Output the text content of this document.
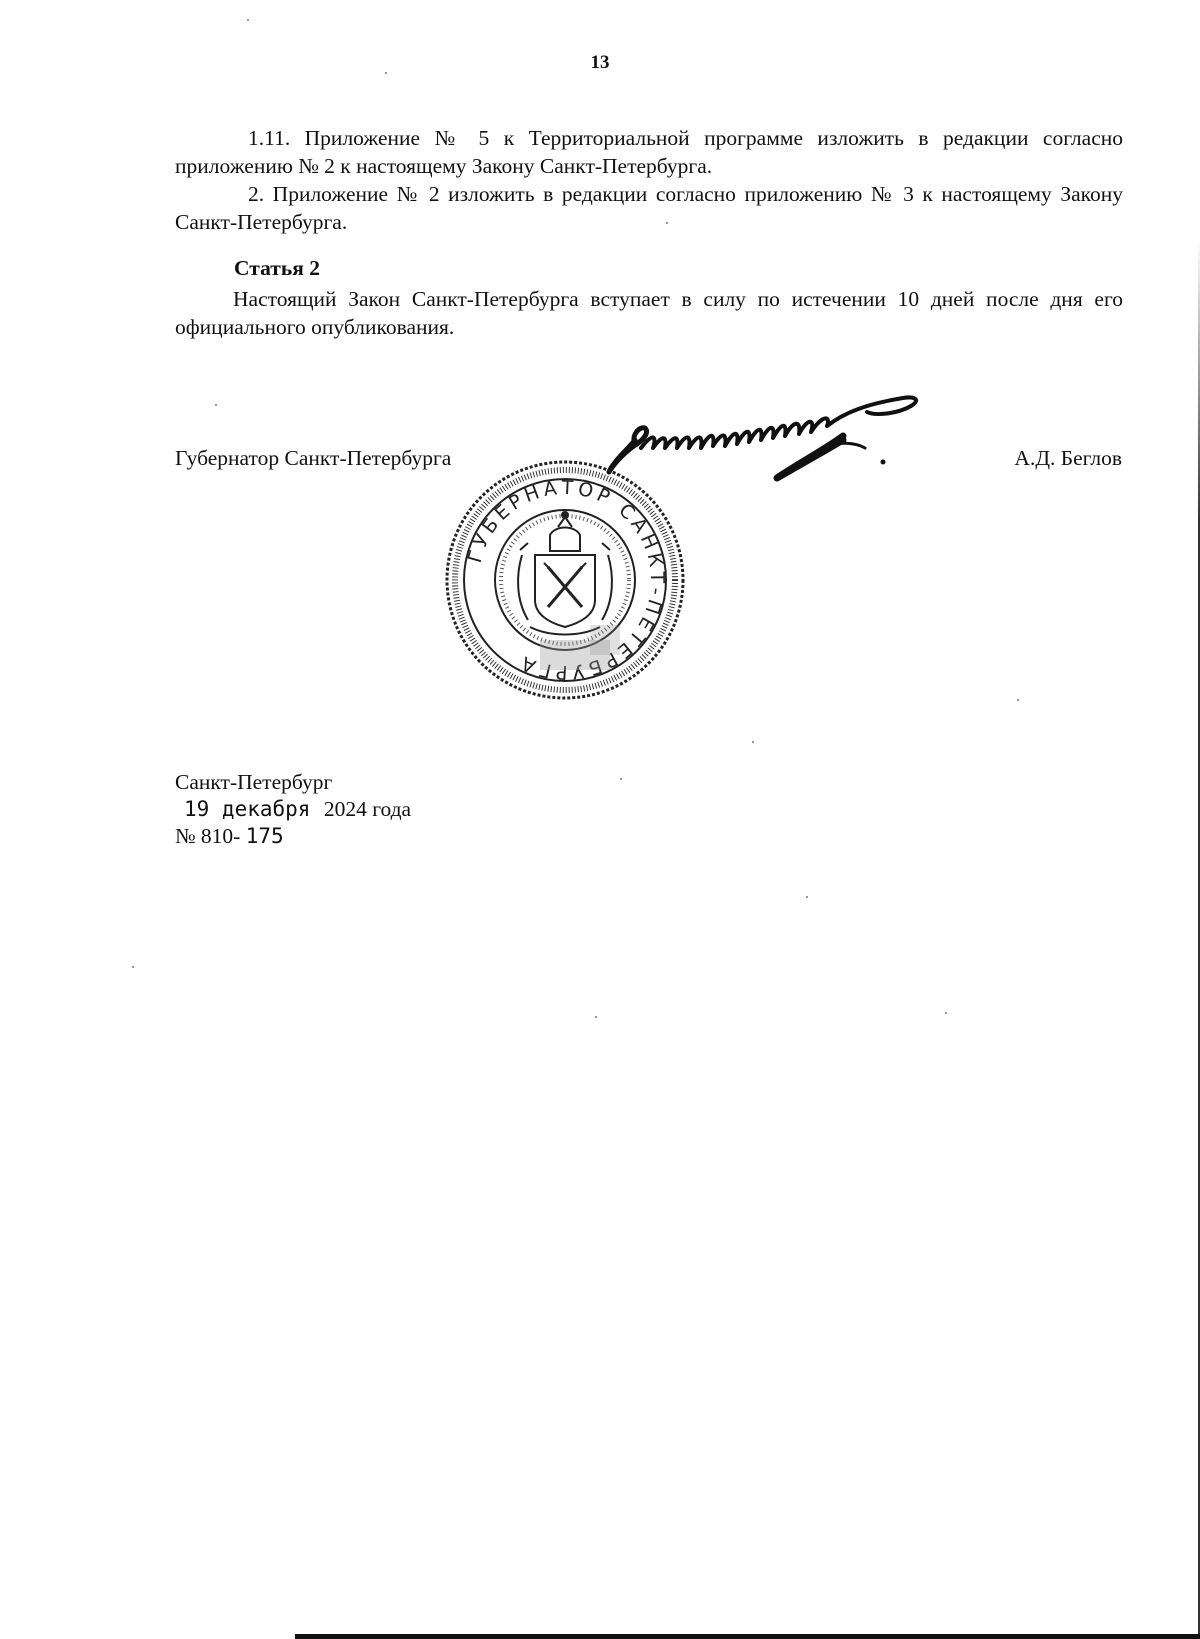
13

1.11. Приложение № 5 к Территориальной программе изложить в редакции согласно приложению № 2 к настоящему Закону Санкт-Петербурга.

2. Приложение № 2 изложить в редакции согласно приложению № 3 к настоящему Закону Санкт-Петербурга.

Статья 2

Настоящий Закон Санкт-Петербурга вступает в силу по истечении 10 дней после дня его официального опубликования.

Губернатор Санкт-Петербурга	А.Д. Беглов
ГУБЕРНАТОР САНКТ-ПЕТЕРБУРГА
Санкт-Петербург
19 декабря 2024 года
№ 810- 175
